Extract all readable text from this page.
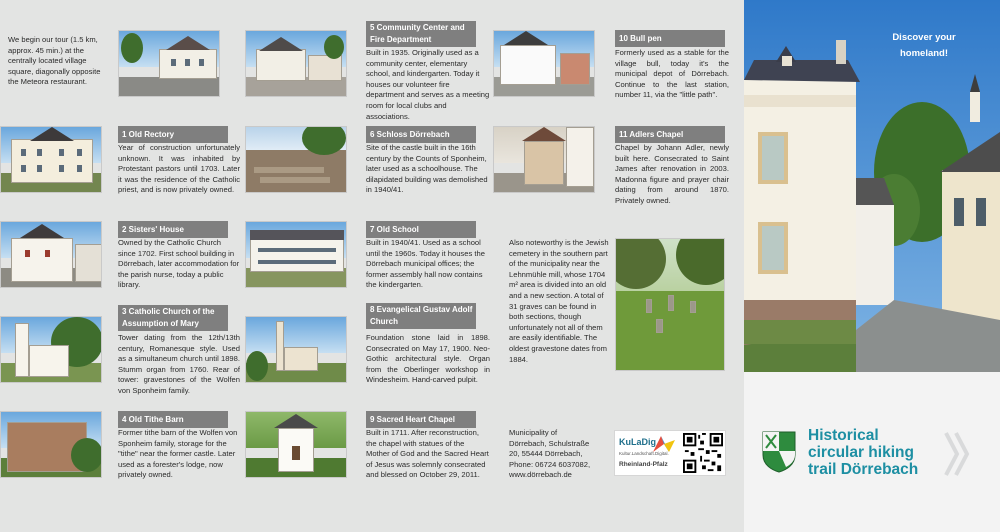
We begin our tour (1.5 km, approx. 45 min.) at the centrally located village square, diagonally opposite the Meteora restaurant.
5 Community Center and Fire Department
Built in 1935. Originally used as a community center, elementary school, and kindergarten. Today it houses our volunteer fire department and serves as a meeting room for local clubs and associations.
10 Bull pen
Formerly used as a stable for the village bull, today it's the municipal depot of Dörrebach. Continue to the last station, number 11, via the "little path".
1 Old Rectory
Year of construction unfortunately unknown. It was inhabited by Protestant pastors until 1703. Later it was the residence of the Catholic priest, and is now privately owned.
6 Schloss Dörrebach
Site of the castle built in the 16th century by the Counts of Sponheim, later used as a schoolhouse. The dilapidated building was demolished in 1940/41.
11 Adlers Chapel
Chapel by Johann Adler, newly built here. Consecrated to Saint James after renovation in 2003. Madonna figure and prayer chair dating from around 1870. Privately owned.
2 Sisters' House
Owned by the Catholic Church since 1702. First school building in Dörrebach, later accommodation for the parish nurse, today a public library.
7 Old School
Built in 1940/41. Used as a school until the 1960s. Today it houses the Dörrebach municipal offices; the former assembly hall now contains the kindergarten.
Also noteworthy is the Jewish cemetery in the southern part of the municipality near the Lehnmühle mill, whose 1704 m² area is divided into an old and a new section. A total of 31 graves can be found in both sections, though unfortunately not all of them are easily identifiable. The oldest gravestone dates from 1884.
3 Catholic Church of the Assumption of Mary
Tower dating from the 12th/13th century, Romanesque style. Used as a simultaneum church until 1898. Stumm organ from 1760. Rear of tower: gravestones of the Wolfen von Sponheim family.
8 Evangelical Gustav Adolf Church
Foundation stone laid in 1898. Consecrated on May 17, 1900. Neo-Gothic architectural style. Organ from the Oberlinger workshop in Windesheim. Hand-carved pulpit.
4 Old Tithe Barn
Former tithe barn of the Wolfen von Sponheim family, storage for the "tithe" near the former castle. Later used as a forester's lodge, now privately owned.
9 Sacred Heart Chapel
Built in 1711. After reconstruction, the chapel with statues of the Mother of God and the Sacred Heart of Jesus was solemnly consecrated and blessed on October 29, 2011.
Municipality of
Dörrebach, Schulstraße
20, 55444 Dörrebach,
Phone: 06724 6037082,
www.dörrebach.de
KuLaDig
Kultur.Landschaft.Digital.
Rheinland-Pfalz
Discover your
homeland!
Historical
circular hiking
trail Dörrebach
